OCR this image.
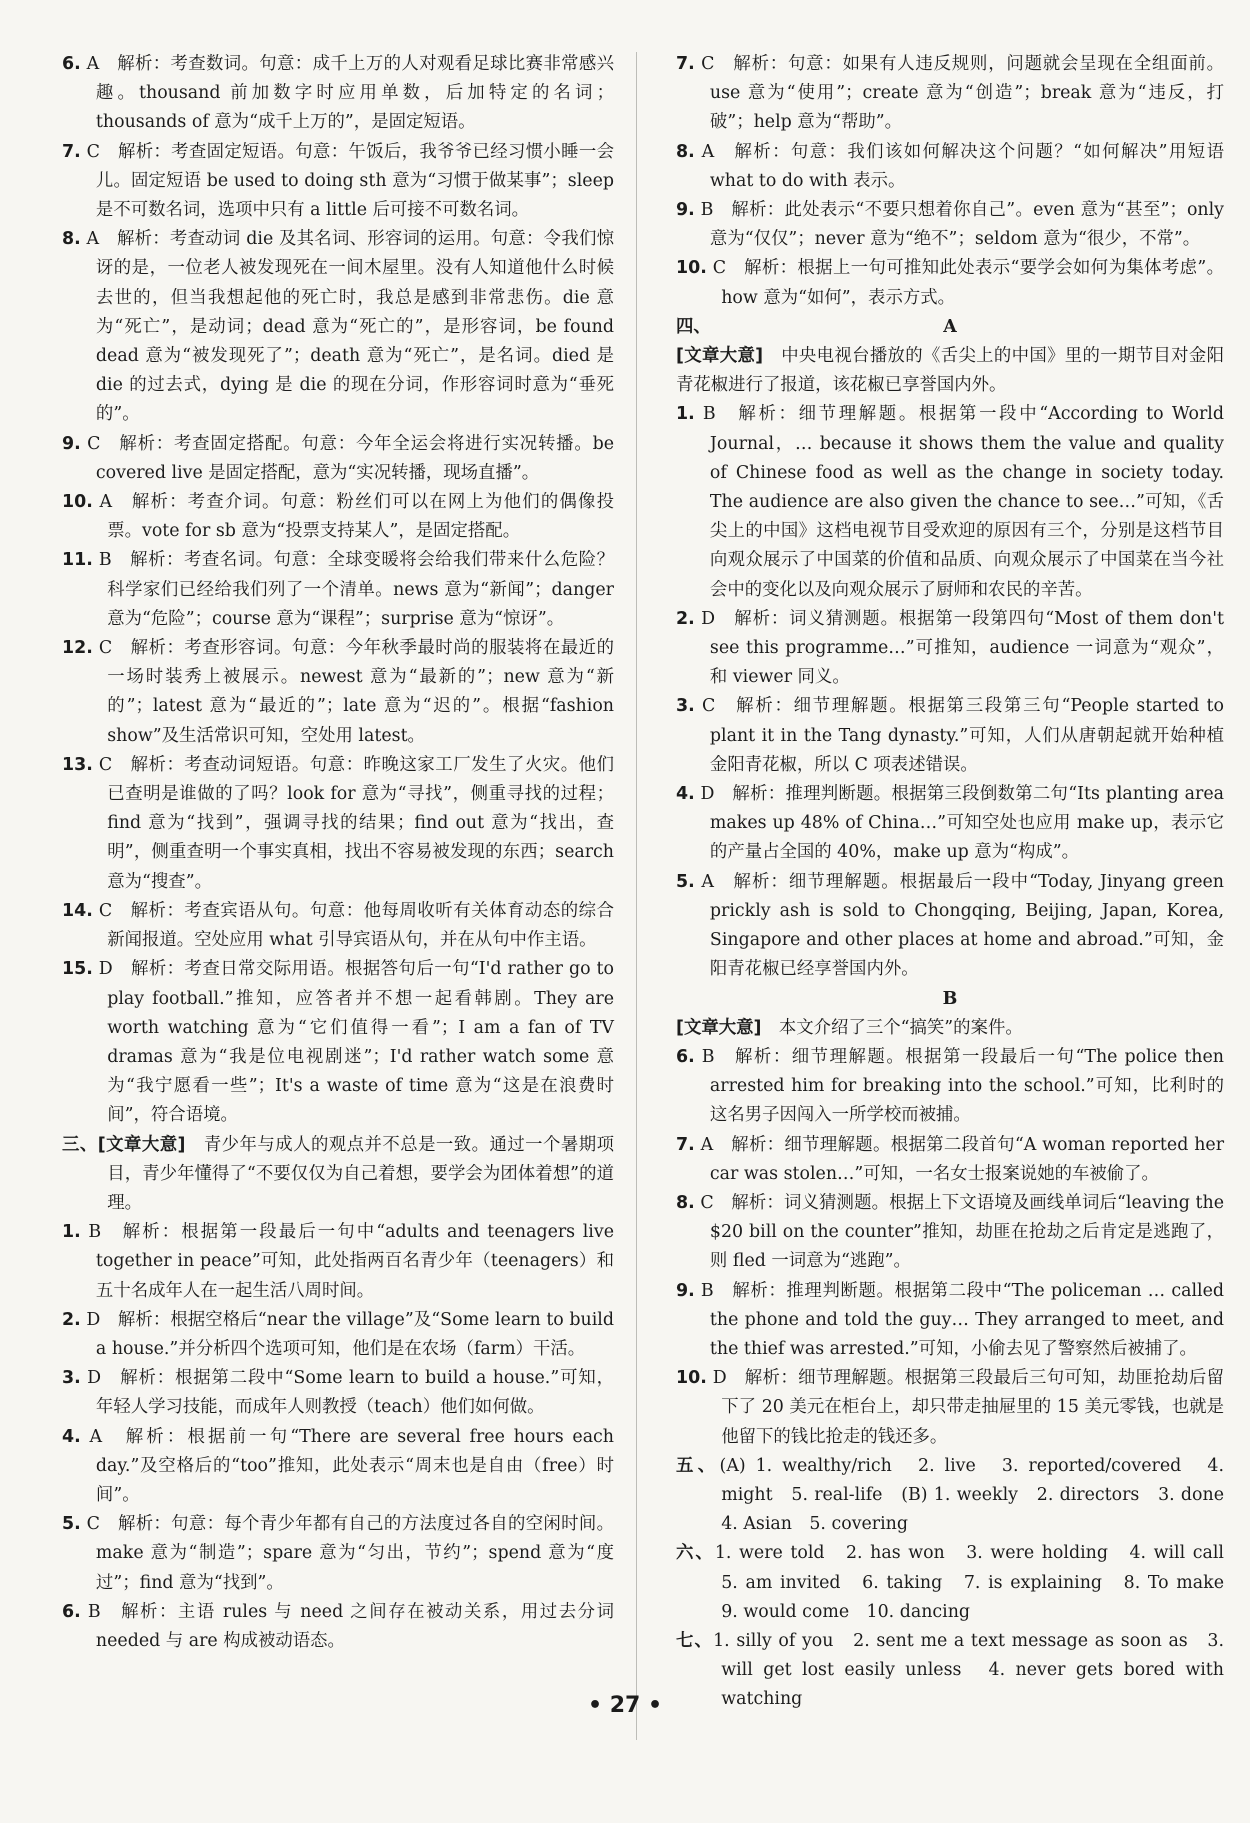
6. A　解析：考查数词。句意：成千上万的人对观看足球比赛非常感兴趣。thousand 前加数字时应用单数，后加特定的名词；thousands of 意为“成千上万的”，是固定短语。

7. C　解析：考查固定短语。句意：午饭后，我爷爷已经习惯小睡一会儿。固定短语 be used to doing sth 意为“习惯于做某事”；sleep 是不可数名词，选项中只有 a little 后可接不可数名词。

8. A　解析：考查动词 die 及其名词、形容词的运用。句意：令我们惊讶的是，一位老人被发现死在一间木屋里。没有人知道他什么时候去世的，但当我想起他的死亡时，我总是感到非常悲伤。die 意为“死亡”，是动词；dead 意为“死亡的”，是形容词，be found dead 意为“被发现死了”；death 意为“死亡”，是名词。died 是 die 的过去式，dying 是 die 的现在分词，作形容词时意为“垂死的”。

9. C　解析：考查固定搭配。句意：今年全运会将进行实况转播。be covered live 是固定搭配，意为“实况转播，现场直播”。

10. A　解析：考查介词。句意：粉丝们可以在网上为他们的偶像投票。vote for sb 意为“投票支持某人”，是固定搭配。

11. B　解析：考查名词。句意：全球变暖将会给我们带来什么危险？科学家们已经给我们列了一个清单。news 意为“新闻”；danger 意为“危险”；course 意为“课程”；surprise 意为“惊讶”。

12. C　解析：考查形容词。句意：今年秋季最时尚的服装将在最近的一场时装秀上被展示。newest 意为“最新的”；new 意为“新的”；latest 意为“最近的”；late 意为“迟的”。根据“fashion show”及生活常识可知，空处用 latest。

13. C　解析：考查动词短语。句意：昨晚这家工厂发生了火灾。他们已查明是谁做的了吗？look for 意为“寻找”，侧重寻找的过程；find 意为“找到”，强调寻找的结果；find out 意为“找出，查明”，侧重查明一个事实真相，找出不容易被发现的东西；search 意为“搜查”。

14. C　解析：考查宾语从句。句意：他每周收听有关体育动态的综合新闻报道。空处应用 what 引导宾语从句，并在从句中作主语。

15. D　解析：考查日常交际用语。根据答句后一句“I'd rather go to play football.”推知，应答者并不想一起看韩剧。They are worth watching 意为“它们值得一看”；I am a fan of TV dramas 意为“我是位电视剧迷”；I'd rather watch some 意为“我宁愿看一些”；It's a waste of time 意为“这是在浪费时间”，符合语境。

三、[文章大意]　 青少年与成人的观点并不总是一致。通过一个暑期项目，青少年懂得了“不要仅仅为自己着想，要学会为团体着想”的道理。

1. B　解析：根据第一段最后一句中“adults and teenagers live together in peace”可知，此处指两百名青少年（teenagers）和五十名成年人在一起生活八周时间。

2. D　解析：根据空格后“near the village”及“Some learn to build a house.”并分析四个选项可知，他们是在农场（farm）干活。

3. D　解析：根据第二段中“Some learn to build a house.”可知，年轻人学习技能，而成年人则教授（teach）他们如何做。

4. A　解析：根据前一句“There are several free hours each day.”及空格后的“too”推知，此处表示“周末也是自由（free）时间”。

5. C　解析：句意：每个青少年都有自己的方法度过各自的空闲时间。make 意为“制造”；spare 意为“匀出，节约”；spend 意为“度过”；find 意为“找到”。

6. B　解析：主语 rules 与 need 之间存在被动关系，用过去分词 needed 与 are 构成被动语态。

7. C　解析：句意：如果有人违反规则，问题就会呈现在全组面前。use 意为“使用”；create 意为“创造”；break 意为“违反，打破”；help 意为“帮助”。

8. A　解析：句意：我们该如何解决这个问题？“如何解决”用短语 what to do with 表示。

9. B　解析：此处表示“不要只想着你自己”。even 意为“甚至”；only 意为“仅仅”；never 意为“绝不”；seldom 意为“很少，不常”。

10. C　解析：根据上一句可推知此处表示“要学会如何为集体考虑”。how 意为“如何”，表示方式。

四、	A

[文章大意]　 中央电视台播放的《舌尖上的中国》里的一期节目对金阳青花椒进行了报道，该花椒已享誉国内外。

1. B　解析：细节理解题。根据第一段中“According to World Journal，… because it shows them the value and quality of Chinese food as well as the change in society today. The audience are also given the chance to see…”可知，《舌尖上的中国》这档电视节目受欢迎的原因有三个，分别是这档节目向观众展示了中国菜的价值和品质、向观众展示了中国菜在当今社会中的变化以及向观众展示了厨师和农民的辛苦。

2. D　解析：词义猜测题。根据第一段第四句“Most of them don't see this programme…”可推知，audience 一词意为“观众”，和 viewer 同义。

3. C　解析：细节理解题。根据第三段第三句“People started to plant it in the Tang dynasty.”可知，人们从唐朝起就开始种植金阳青花椒，所以 C 项表述错误。

4. D　解析：推理判断题。根据第三段倒数第二句“Its planting area makes up 48% of China…”可知空处也应用 make up，表示它的产量占全国的 40%，make up 意为“构成”。

5. A　解析：细节理解题。根据最后一段中“Today, Jinyang green prickly ash is sold to Chongqing, Beijing, Japan, Korea, Singapore and other places at home and abroad.”可知，金阳青花椒已经享誉国内外。

B

[文章大意]　 本文介绍了三个“搞笑”的案件。

6. B　解析：细节理解题。根据第一段最后一句“The police then arrested him for breaking into the school.”可知，比利时的这名男子因闯入一所学校而被捕。

7. A　解析：细节理解题。根据第二段首句“A woman reported her car was stolen…”可知，一名女士报案说她的车被偷了。

8. C　解析：词义猜测题。根据上下文语境及画线单词后“leaving the $20 bill on the counter”推知，劫匪在抢劫之后肯定是逃跑了，则 fled 一词意为“逃跑”。

9. B　解析：推理判断题。根据第二段中“The policeman … called the phone and told the guy… They arranged to meet, and the thief was arrested.”可知，小偷去见了警察然后被捕了。

10. D　解析：细节理解题。根据第三段最后三句可知，劫匪抢劫后留下了 20 美元在柜台上，却只带走抽屉里的 15 美元零钱，也就是他留下的钱比抢走的钱还多。

五、(A) 1. wealthy/rich　2. live　3. reported/covered　4. might　5. real-life　(B) 1. weekly　2. directors　3. done　4. Asian　5. covering

六、1. were told　2. has won　3. were holding　4. will call　5. am invited　6. taking　7. is explaining　8. To make　9. would come　10. dancing

七、1. silly of you　2. sent me a text message as soon as　3. will get lost easily unless　4. never gets bored with watching

• 27 •
